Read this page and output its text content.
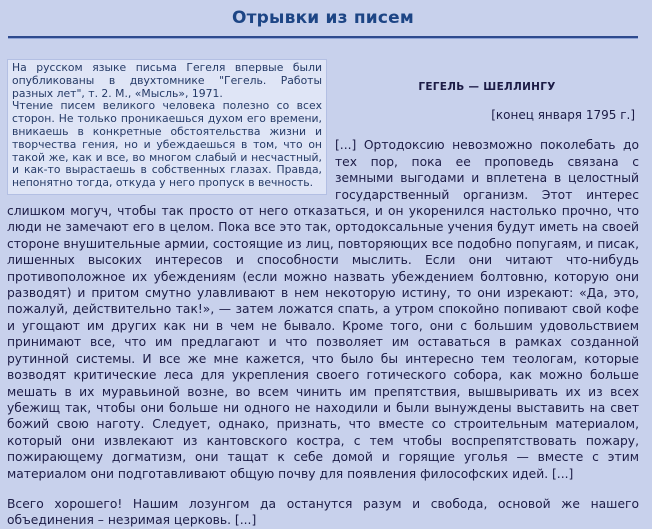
Отрывки из писем

На русском языке письма Гегеля впервые были опубликованы в двухтомнике "Гегель. Работы разных лет", т. 2. М., «Мысль», 1971.

Чтение писем великого человека полезно со всех сторон. Не только проникаешься духом его времени, вникаешь в конкретные обстоятельства жизни и творчества гения, но и убеждаешься в том, что он такой же, как и все, во многом слабый и несчастный, и как-то вырастаешь в собственных глазах. Правда, непонятно тогда, откуда у него пропуск в вечность.

ГЕГЕЛЬ — ШЕЛЛИНГУ
[конец января 1795 г.]

[...] Ортодоксию невозможно поколебать до тех пор, пока ее проповедь связана с земными выгодами и вплетена в целостный государственный организм. Этот интерес слишком могуч, чтобы так просто от него отказаться, и он укоренился настолько прочно, что люди не замечают его в целом. Пока все это так, ортодоксальные учения будут иметь на своей стороне внушительные армии, состоящие из лиц, повторяющих все подобно попугаям, и писак, лишенных высоких интересов и способности мыслить. Если они читают что-нибудь противоположное их убеждениям (если можно назвать убеждением болтовню, которую они разводят) и притом смутно улавливают в нем некоторую истину, то они изрекают: «Да, это, пожалуй, действительно так!», — затем ложатся спать, а утром спокойно попивают свой кофе и угощают им других как ни в чем не бывало. Кроме того, они с большим удовольствием принимают все, что им предлагают и что позволяет им оставаться в рамках созданной рутинной системы. И все же мне кажется, что было бы интересно тем теологам, которые возводят критические леса для укрепления своего готического собора, как можно больше мешать в их муравьиной возне, во всем чинить им препятствия, вышвыривать их из всех убежищ так, чтобы они больше ни одного не находили и были вынуждены выставить на свет божий свою наготу. Следует, однако, признать, что вместе со строительным материалом, который они извлекают из кантовского костра, с тем чтобы воспрепятствовать пожару, пожирающему догматизм, они тащат к себе домой и горящие уголья — вместе с этим материалом они подготавливают общую почву для появления философских идей. [...]

Всего хорошего! Нашим лозунгом да останутся разум и свобода, основой же нашего объединения – незримая церковь. [...]
